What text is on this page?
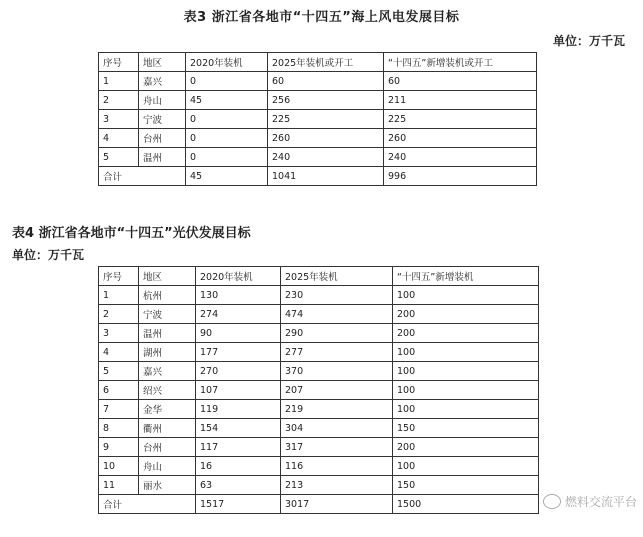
表3 浙江省各地市“十四五”海上风电发展目标
单位：万千瓦
序号	地区	2020年装机	2025年装机或开工	“十四五”新增装机或开工
1	嘉兴	0	60	60
2	舟山	45	256	211
3	宁波	0	225	225
4	台州	0	260	260
5	温州	0	240	240
合计		45	1041	996
表4 浙江省各地市“十四五”光伏发展目标
单位：万千瓦
序号	地区	2020年装机	2025年装机	“十四五”新增装机
1	杭州	130	230	100
2	宁波	274	474	200
3	温州	90	290	200
4	湖州	177	277	100
5	嘉兴	270	370	100
6	绍兴	107	207	100
7	金华	119	219	100
8	衢州	154	304	150
9	台州	117	317	200
10	舟山	16	116	100
11	丽水	63	213	150
合计		1517	3017	1500	燃料交流平台
